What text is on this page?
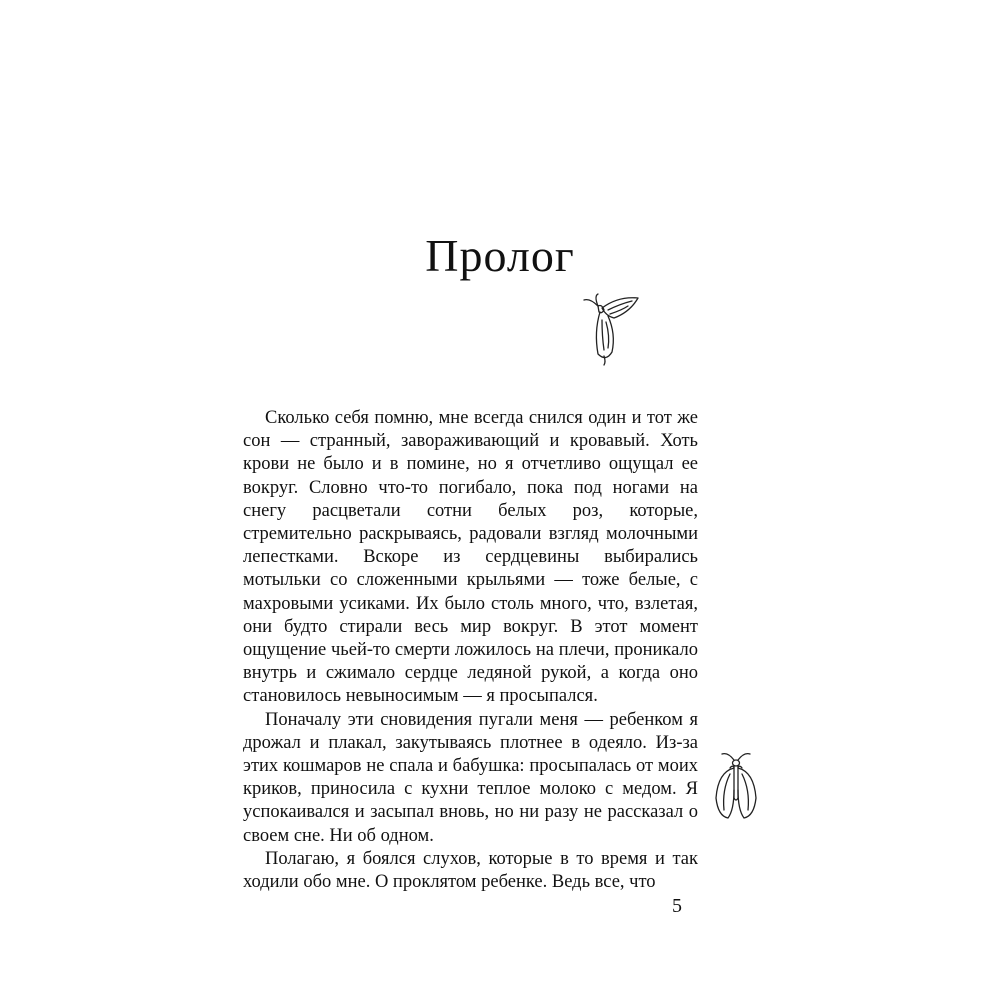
Пролог

Сколько себя помню, мне всегда снился один и тот же сон — странный, завораживающий и кровавый. Хоть крови не было и в помине, но я отчетливо ощущал ее вокруг. Словно что-то погибало, пока под ногами на снегу расцветали сотни белых роз, которые, стремительно раскрываясь, радовали взгляд молочными лепестками. Вскоре из сердцевины выбирались мотыльки со сложенными крыльями — тоже белые, с махровыми усиками. Их было столь много, что, взлетая, они будто стирали весь мир вокруг. В этот момент ощущение чьей-то смерти ложилось на плечи, проникало внутрь и сжимало сердце ледяной рукой, а когда оно становилось невыносимым — я просыпался.

Поначалу эти сновидения пугали меня — ребенком я дрожал и плакал, закутываясь плотнее в одеяло. Из-за этих кошмаров не спала и бабушка: просыпалась от моих криков, приносила с кухни теплое молоко с медом. Я успокаивался и засыпал вновь, но ни разу не рассказал о своем сне. Ни об одном.

Полагаю, я боялся слухов, которые в то время и так ходили обо мне. О проклятом ребенке. Ведь все, что

5
